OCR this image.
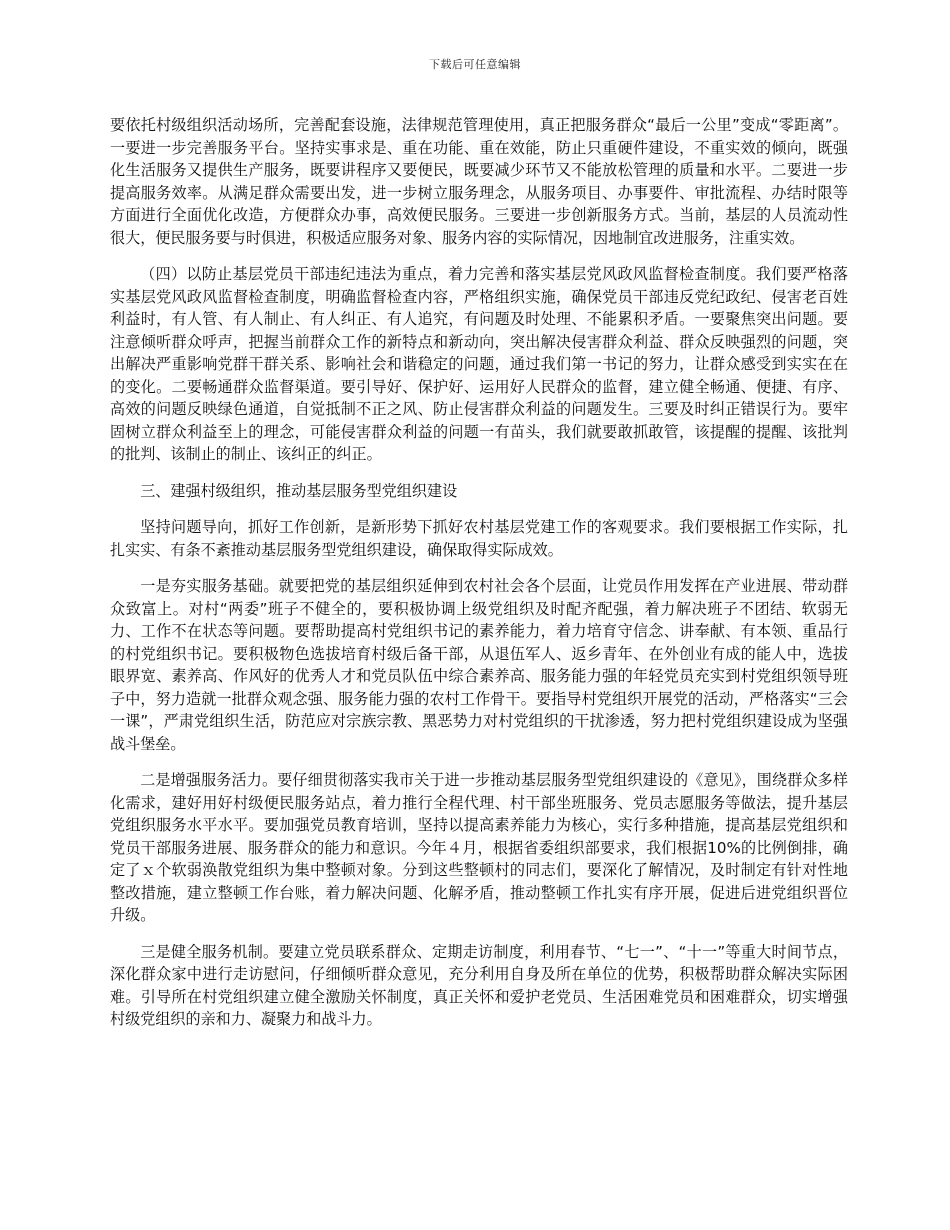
下载后可任意编辑

要依托村级组织活动场所，完善配套设施，法律规范管理使用，真正把服务群众“最后一公里”变成“零距离”。一要进一步完善服务平台。坚持实事求是、重在功能、重在效能，防止只重硬件建设，不重实效的倾向，既强化生活服务又提供生产服务，既要讲程序又要便民，既要减少环节又不能放松管理的质量和水平。二要进一步提高服务效率。从满足群众需要出发，进一步树立服务理念，从服务项目、办事要件、审批流程、办结时限等方面进行全面优化改造，方便群众办事，高效便民服务。三要进一步创新服务方式。当前，基层的人员流动性很大，便民服务要与时俱进，积极适应服务对象、服务内容的实际情况，因地制宜改进服务，注重实效。

（四）以防止基层党员干部违纪违法为重点，着力完善和落实基层党风政风监督检查制度。我们要严格落实基层党风政风监督检查制度，明确监督检查内容，严格组织实施，确保党员干部违反党纪政纪、侵害老百姓利益时，有人管、有人制止、有人纠正、有人追究，有问题及时处理、不能累积矛盾。一要聚焦突出问题。要注意倾听群众呼声，把握当前群众工作的新特点和新动向，突出解决侵害群众利益、群众反映强烈的问题，突出解决严重影响党群干群关系、影响社会和谐稳定的问题，通过我们第一书记的努力，让群众感受到实实在在的变化。二要畅通群众监督渠道。要引导好、保护好、运用好人民群众的监督，建立健全畅通、便捷、有序、高效的问题反映绿色通道，自觉抵制不正之风、防止侵害群众利益的问题发生。三要及时纠正错误行为。要牢固树立群众利益至上的理念，可能侵害群众利益的问题一有苗头，我们就要敢抓敢管，该提醒的提醒、该批判的批判、该制止的制止、该纠正的纠正。

三、建强村级组织，推动基层服务型党组织建设

坚持问题导向，抓好工作创新，是新形势下抓好农村基层党建工作的客观要求。我们要根据工作实际，扎扎实实、有条不紊推动基层服务型党组织建设，确保取得实际成效。

一是夯实服务基础。就要把党的基层组织延伸到农村社会各个层面，让党员作用发挥在产业进展、带动群众致富上。对村“两委”班子不健全的，要积极协调上级党组织及时配齐配强，着力解决班子不团结、软弱无力、工作不在状态等问题。要帮助提高村党组织书记的素养能力，着力培育守信念、讲奉献、有本领、重品行的村党组织书记。要积极物色选拔培育村级后备干部，从退伍军人、返乡青年、在外创业有成的能人中，选拔眼界宽、素养高、作风好的优秀人才和党员队伍中综合素养高、服务能力强的年轻党员充实到村党组织领导班子中，努力造就一批群众观念强、服务能力强的农村工作骨干。要指导村党组织开展党的活动，严格落实“三会一课”，严肃党组织生活，防范应对宗族宗教、黑恶势力对村党组织的干扰渗透，努力把村党组织建设成为坚强战斗堡垒。

二是增强服务活力。要仔细贯彻落实我市关于进一步推动基层服务型党组织建设的《意见》，围绕群众多样化需求，建好用好村级便民服务站点，着力推行全程代理、村干部坐班服务、党员志愿服务等做法，提升基层党组织服务水平水平。要加强党员教育培训，坚持以提高素养能力为核心，实行多种措施，提高基层党组织和党员干部服务进展、服务群众的能力和意识。今年４月，根据省委组织部要求，我们根据10%的比例倒排，确定了ｘ个软弱涣散党组织为集中整顿对象。分到这些整顿村的同志们，要深化了解情况，及时制定有针对性地整改措施，建立整顿工作台账，着力解决问题、化解矛盾，推动整顿工作扎实有序开展，促进后进党组织晋位升级。

三是健全服务机制。要建立党员联系群众、定期走访制度，利用春节、“七一”、“十一”等重大时间节点，深化群众家中进行走访慰问，仔细倾听群众意见，充分利用自身及所在单位的优势，积极帮助群众解决实际困难。引导所在村党组织建立健全激励关怀制度，真正关怀和爱护老党员、生活困难党员和困难群众，切实增强村级党组织的亲和力、凝聚力和战斗力。
